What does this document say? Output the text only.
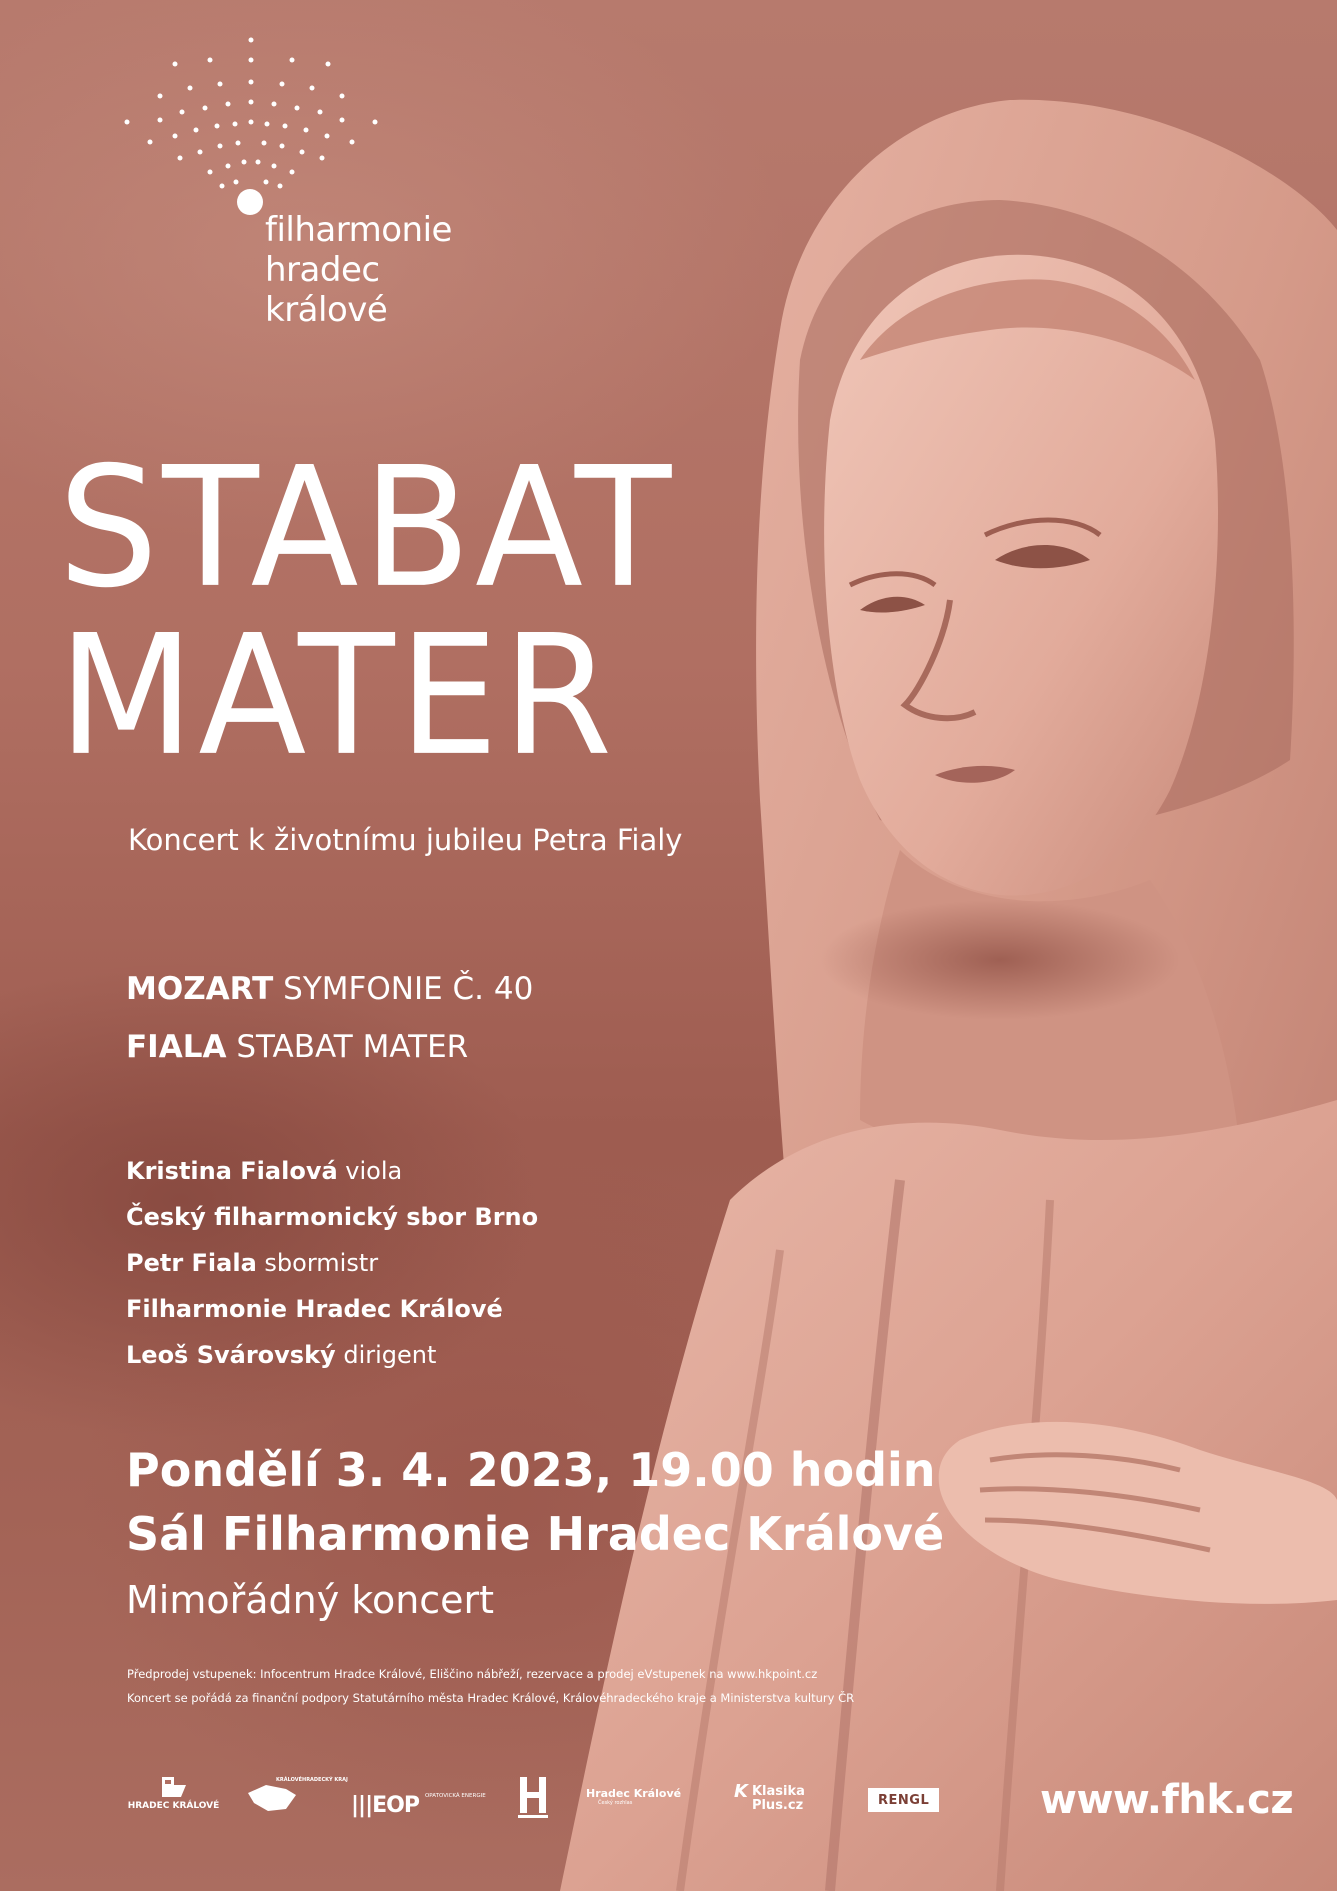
filharmonie
hradec
králové
STABAT
MATER
Koncert k životnímu jubileu Petra Fialy
MOZART SYMFONIE Č. 40
FIALA STABAT MATER
Kristina Fialová viola
Český filharmonický sbor Brno
Petr Fiala sbormistr
Filharmonie Hradec Králové
Leoš Svárovský dirigent
Pondělí 3. 4. 2023, 19.00 hodin
Sál Filharmonie Hradec Králové
Mimořádný koncert
Předprodej vstupenek: Infocentrum Hradce Králové, Eliščino nábřeží, rezervace a prodej eVstupenek na www.hkpoint.cz
Koncert se pořádá za finanční podpory Statutárního města Hradec Králové, Královéhradeckého kraje a Ministerstva kultury ČR
HRADEC KRÁLOVÉ
KRÁLOVÉHRADECKÝ KRAJ
|||EOP OPATOVICKÁ ENERGIE	Hradec Králové
Český rozhlas
K Klasika
Plus.cz	RENGL	www.fhk.cz
